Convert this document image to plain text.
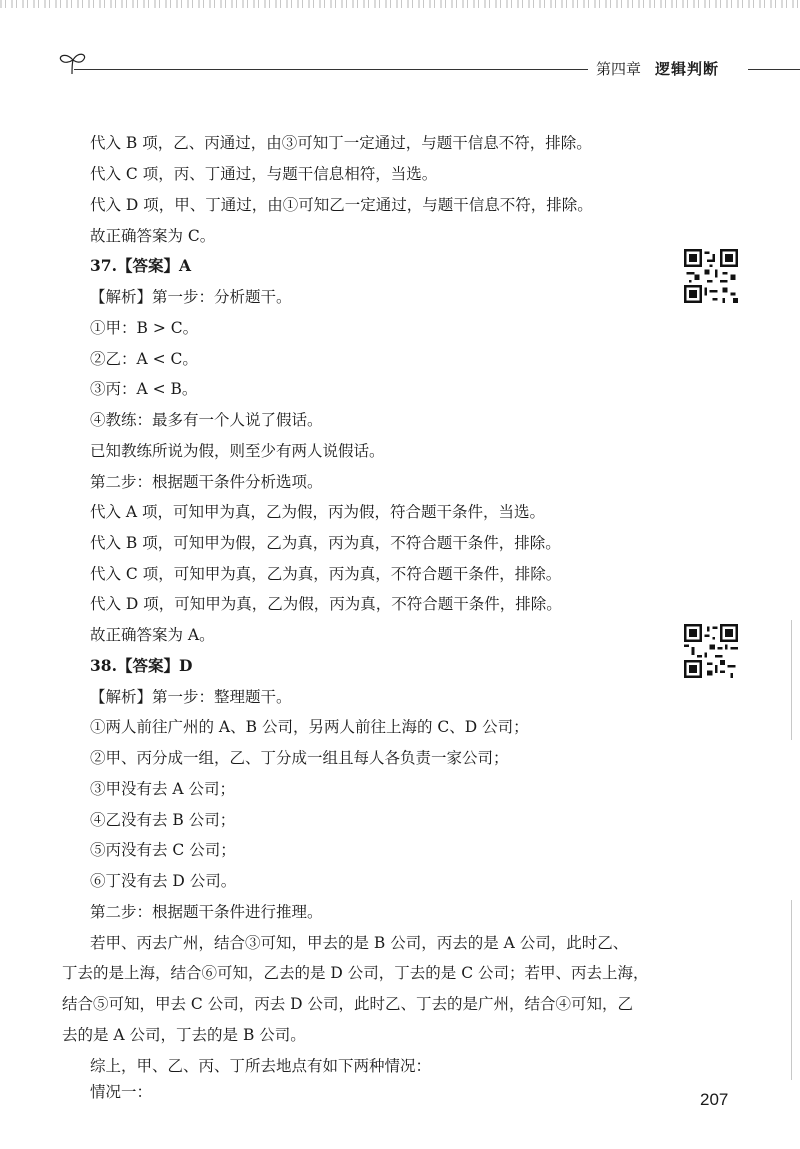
第四章 逻辑判断
代入 B 项，乙、丙通过，由③可知丁一定通过，与题干信息不符，排除。
代入 C 项，丙、丁通过，与题干信息相符，当选。
代入 D 项，甲、丁通过，由①可知乙一定通过，与题干信息不符，排除。
故正确答案为 C。
37.【答案】A
【解析】第一步：分析题干。
①甲：B > C。
②乙：A < C。
③丙：A < B。
④教练：最多有一个人说了假话。
已知教练所说为假，则至少有两人说假话。
第二步：根据题干条件分析选项。
代入 A 项，可知甲为真，乙为假，丙为假，符合题干条件，当选。
代入 B 项，可知甲为假，乙为真，丙为真，不符合题干条件，排除。
代入 C 项，可知甲为真，乙为真，丙为真，不符合题干条件，排除。
代入 D 项，可知甲为真，乙为假，丙为真，不符合题干条件，排除。
故正确答案为 A。
38.【答案】D
【解析】第一步：整理题干。
①两人前往广州的 A、B 公司，另两人前往上海的 C、D 公司；
②甲、丙分成一组，乙、丁分成一组且每人各负责一家公司；
③甲没有去 A 公司；
④乙没有去 B 公司；
⑤丙没有去 C 公司；
⑥丁没有去 D 公司。
第二步：根据题干条件进行推理。
若甲、丙去广州，结合③可知，甲去的是 B 公司，丙去的是 A 公司，此时乙、
丁去的是上海，结合⑥可知，乙去的是 D 公司，丁去的是 C 公司；若甲、丙去上海，
结合⑤可知，甲去 C 公司，丙去 D 公司，此时乙、丁去的是广州，结合④可知，乙
去的是 A 公司，丁去的是 B 公司。
综上，甲、乙、丙、丁所去地点有如下两种情况：
情况一：	207
